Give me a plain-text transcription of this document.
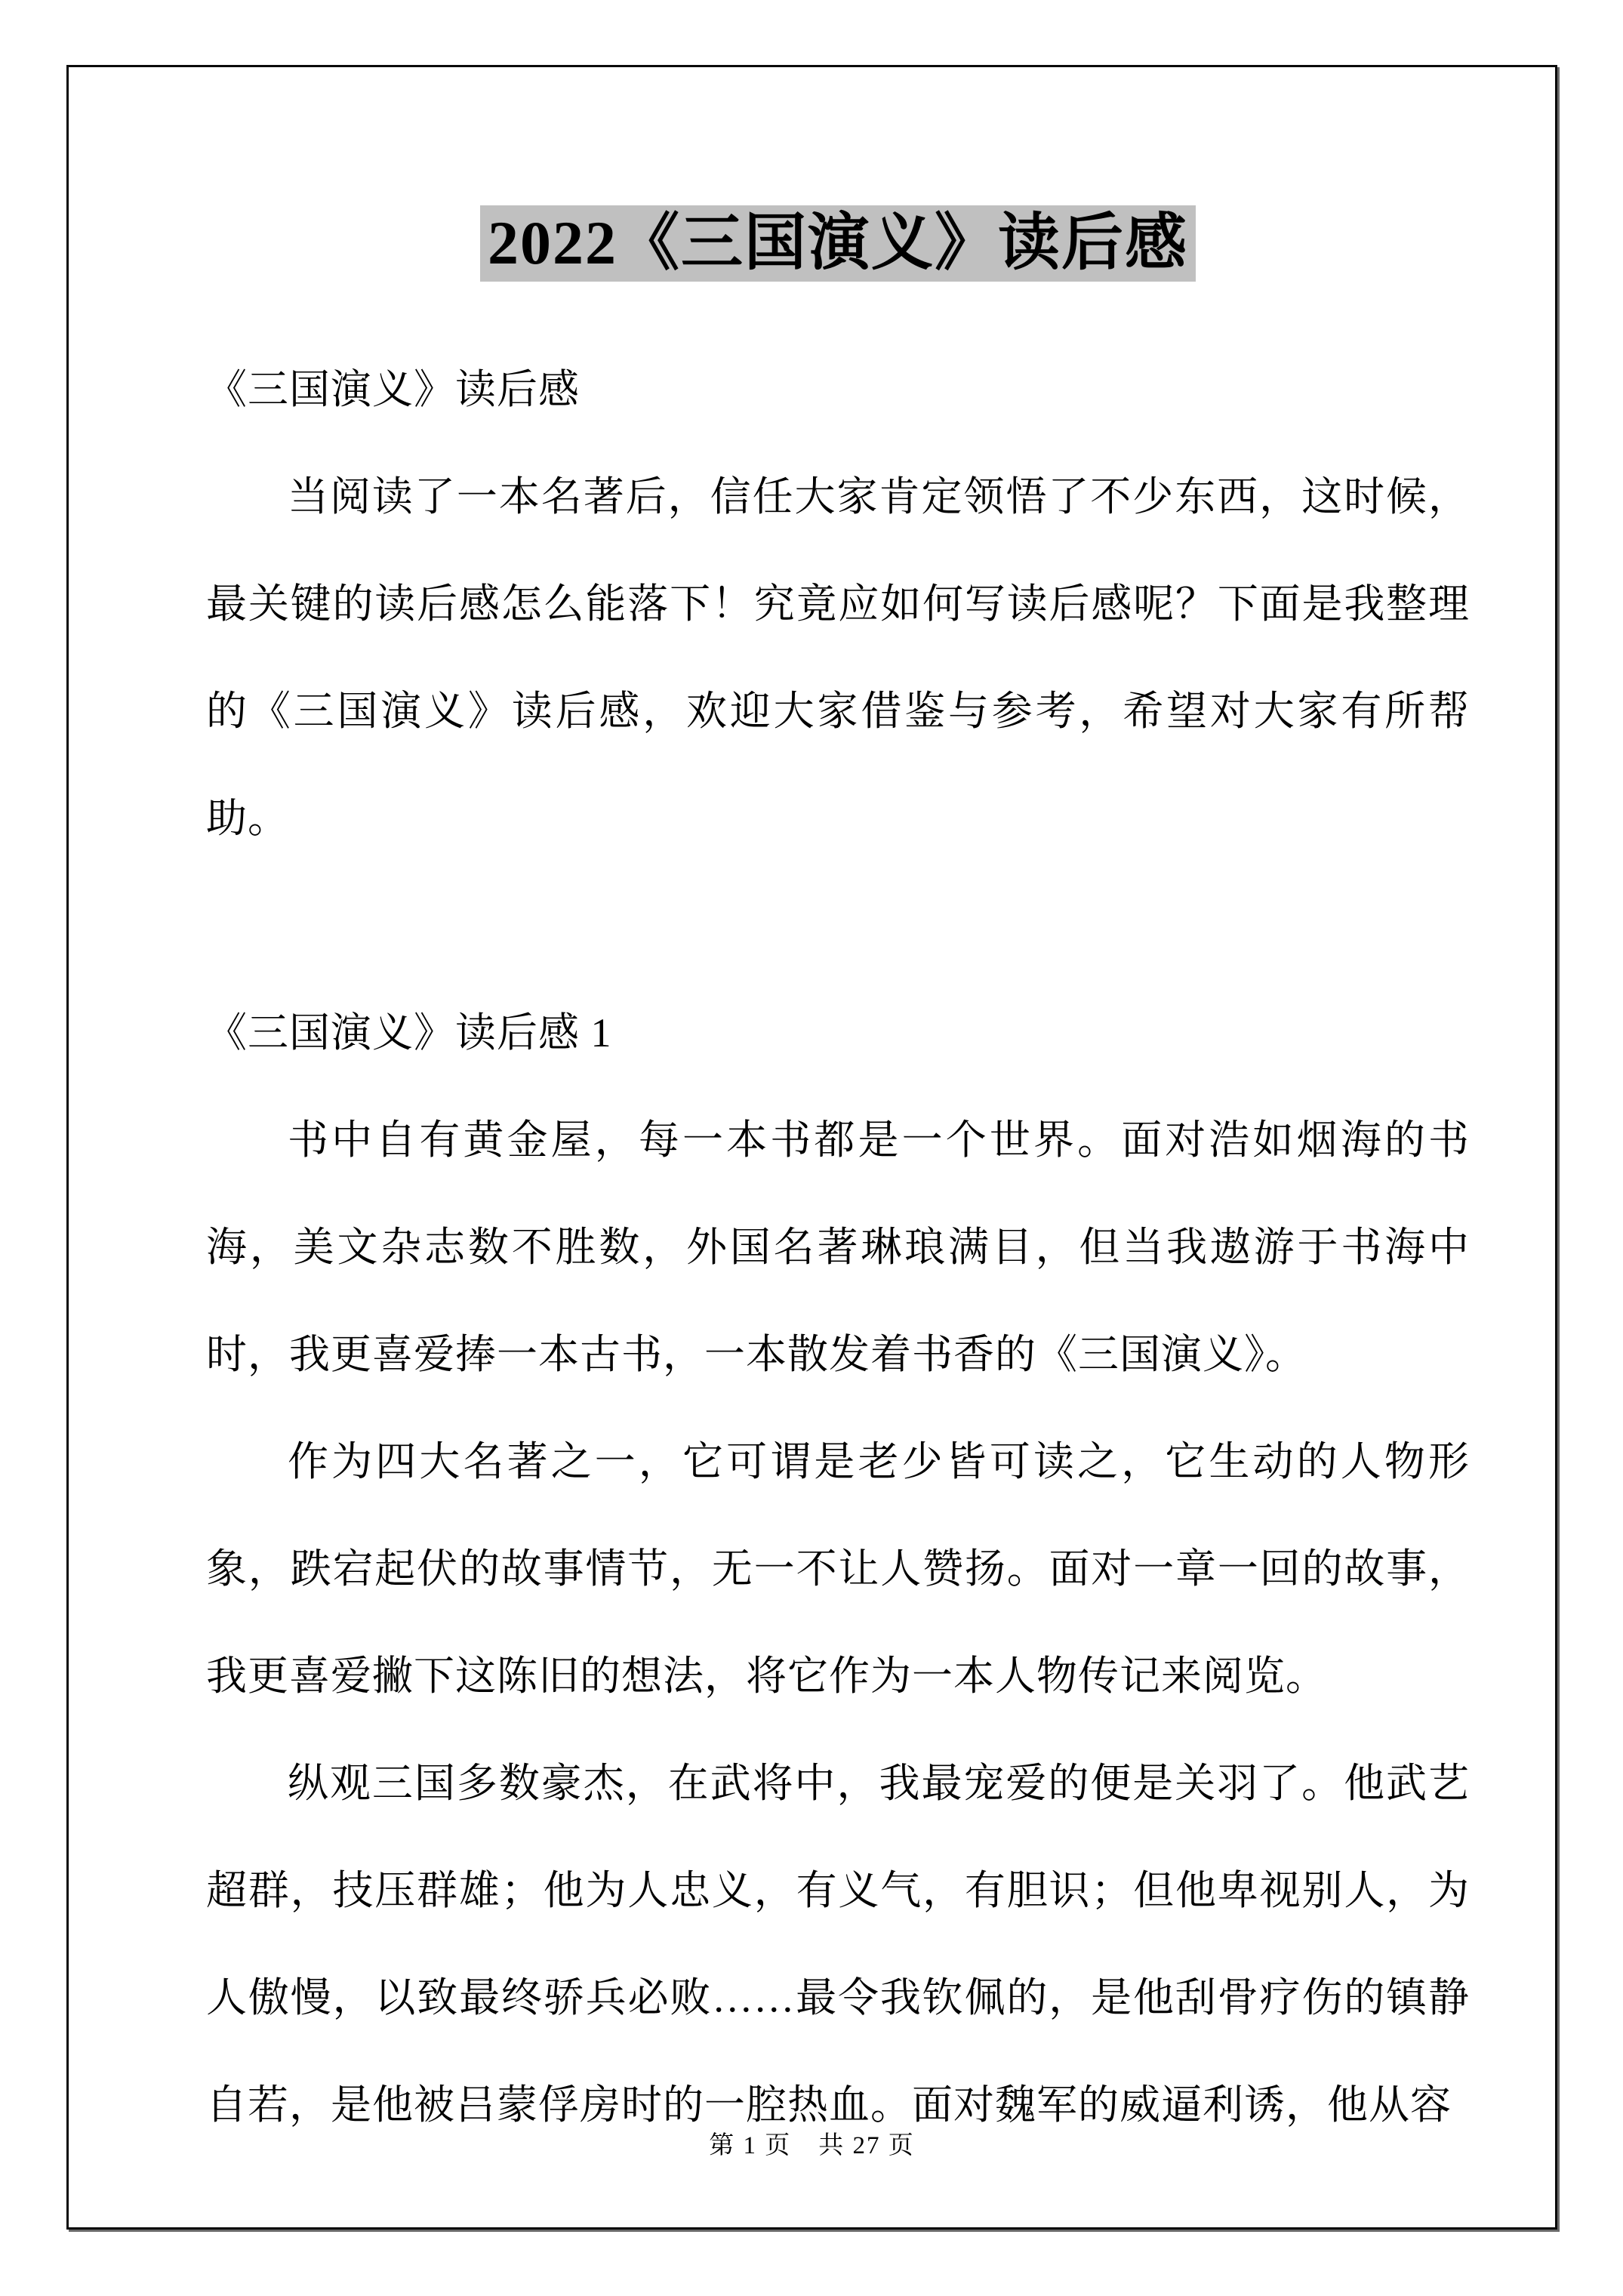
2022《三国演义》读后感

《三国演义》读后感

当阅读了一本名著后，信任大家肯定领悟了不少东西，这时候，最关键的读后感怎么能落下！究竟应如何写读后感呢？下面是我整理的《三国演义》读后感，欢迎大家借鉴与参考，希望对大家有所帮助。

《三国演义》读后感 1

书中自有黄金屋，每一本书都是一个世界。面对浩如烟海的书海，美文杂志数不胜数，外国名著琳琅满目，但当我遨游于书海中时，我更喜爱捧一本古书，一本散发着书香的《三国演义》。

作为四大名著之一，它可谓是老少皆可读之，它生动的人物形象，跌宕起伏的故事情节，无一不让人赞扬。面对一章一回的故事，我更喜爱撇下这陈旧的想法，将它作为一本人物传记来阅览。

纵观三国多数豪杰，在武将中，我最宠爱的便是关羽了。他武艺超群，技压群雄；他为人忠义，有义气，有胆识；但他卑视别人，为人傲慢，以致最终骄兵必败……最令我钦佩的，是他刮骨疗伤的镇静自若，是他被吕蒙俘房时的一腔热血。面对魏军的威逼利诱，他从容

第 1 页 共 27 页
